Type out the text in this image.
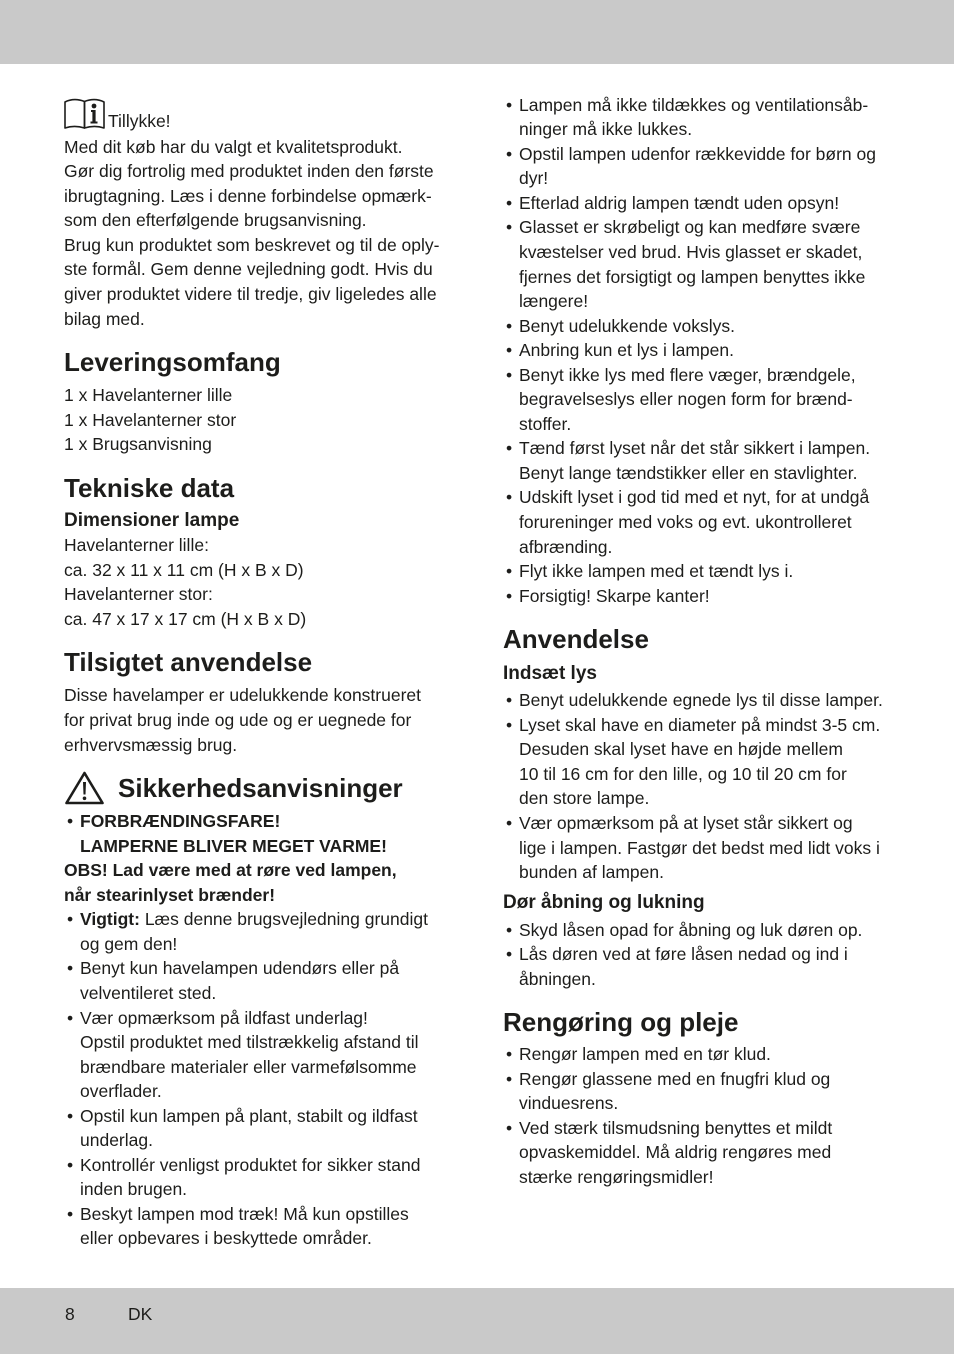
Tillykke!
Med dit køb har du valgt et kvalitetsprodukt.
Gør dig fortrolig med produktet inden den første
ibrugtagning. Læs i denne forbindelse opmærk-
som den efterfølgende brugsanvisning.
Brug kun produktet som beskrevet og til de oply-
ste formål. Gem denne vejledning godt. Hvis du
giver produktet videre til tredje, giv ligeledes alle
bilag med.
Leveringsomfang
1 x Havelanterner lille
1 x Havelanterner stor
1 x Brugsanvisning
Tekniske data
Dimensioner lampe
Havelanterner lille:
ca. 32 x 11 x 11 cm (H x B x D)
Havelanterner stor:
ca. 47 x 17 x 17 cm (H x B x D)
Tilsigtet anvendelse
Disse havelamper er udelukkende konstrueret
for privat brug inde og ude og er uegnede for
erhvervsmæssig brug.
Sikkerhedsanvisninger
• FORBRÆNDINGSFARE!
LAMPERNE BLIVER MEGET VARME!
OBS! Lad være med at røre ved lampen,
når stearinlyset brænder!
• Vigtigt: Læs denne brugsvejledning grundigt
og gem den!
• Benyt kun havelampen udendørs eller på
velventileret sted.
• Vær opmærksom på ildfast underlag!
Opstil produktet med tilstrækkelig afstand til
brændbare materialer eller varmefølsomme
overflader.
• Opstil kun lampen på plant, stabilt og ildfast
underlag.
• Kontrollér venligst produktet for sikker stand
inden brugen.
• Beskyt lampen mod træk! Må kun opstilles
eller opbevares i beskyttede områder.
• Lampen må ikke tildækkes og ventilationsåb-
ninger må ikke lukkes.
• Opstil lampen udenfor rækkevidde for børn og
dyr!
• Efterlad aldrig lampen tændt uden opsyn!
• Glasset er skrøbeligt og kan medføre svære
kvæstelser ved brud. Hvis glasset er skadet,
fjernes det forsigtigt og lampen benyttes ikke
længere!
• Benyt udelukkende vokslys.
• Anbring kun et lys i lampen.
• Benyt ikke lys med flere væger, brændgele,
begravelseslys eller nogen form for brænd-
stoffer.
• Tænd først lyset når det står sikkert i lampen.
Benyt lange tændstikker eller en stavlighter.
• Udskift lyset i god tid med et nyt, for at undgå
forureninger med voks og evt. ukontrolleret
afbrænding.
• Flyt ikke lampen med et tændt lys i.
• Forsigtig! Skarpe kanter!
Anvendelse
Indsæt lys
• Benyt udelukkende egnede lys til disse lamper.
• Lyset skal have en diameter på mindst 3-5 cm.
Desuden skal lyset have en højde mellem
10 til 16 cm for den lille, og 10 til 20 cm for
den store lampe.
• Vær opmærksom på at lyset står sikkert og
lige i lampen. Fastgør det bedst med lidt voks i
bunden af lampen.
Dør åbning og lukning
• Skyd låsen opad for åbning og luk døren op.
• Lås døren ved at føre låsen nedad og ind i
åbningen.
Rengøring og pleje
• Rengør lampen med en tør klud.
• Rengør glassene med en fnugfri klud og
vinduesrens.
• Ved stærk tilsmudsning benyttes et mildt
opvaskemiddel. Må aldrig rengøres med
stærke rengøringsmidler!
8	DK
